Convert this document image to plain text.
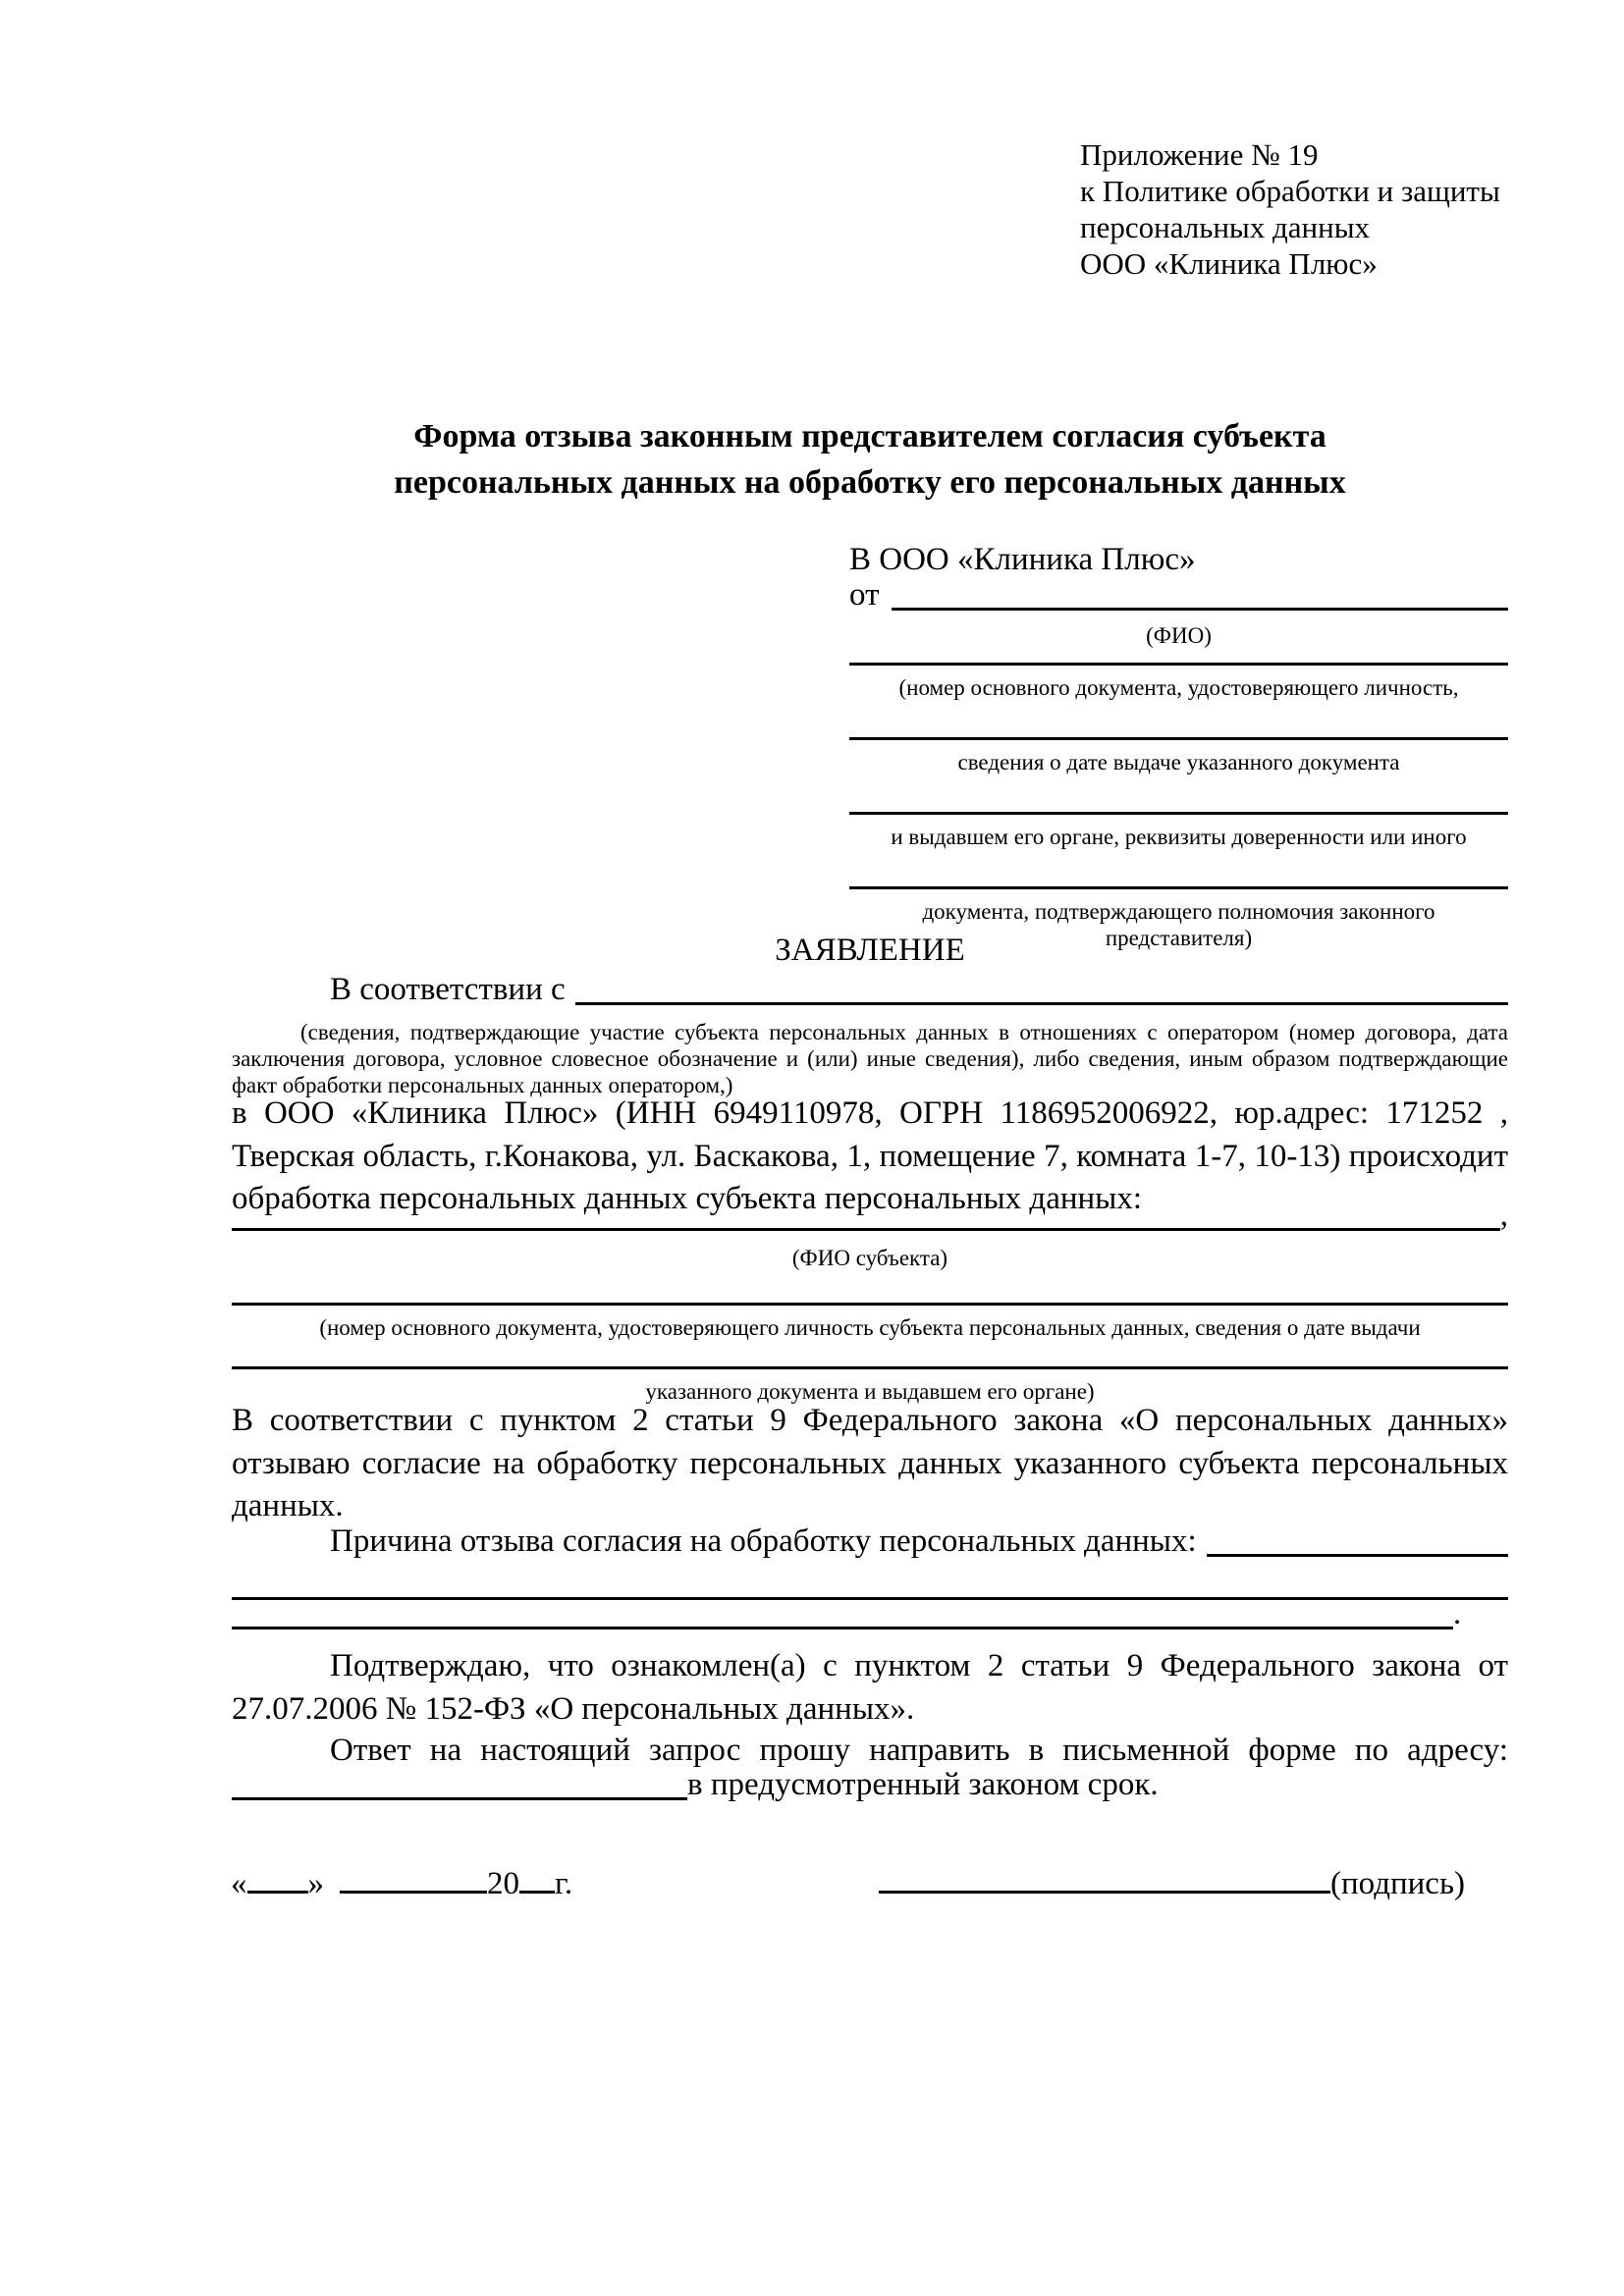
Приложение № 19
к Политике обработки и защиты
персональных данных
ООО «Клиника Плюс»
Форма отзыва законным представителем согласия субъекта
персональных данных на обработку его персональных данных
В ООО «Клиника Плюс»
от
(ФИО)
(номер основного документа, удостоверяющего личность,
сведения о дате выдаче указанного документа
и выдавшем его органе, реквизиты доверенности или иного
документа, подтверждающего полномочия законного представителя)
ЗАЯВЛЕНИЕ
В соответствии с
(сведения, подтверждающие участие субъекта персональных данных в отношениях с оператором (номер договора, дата заключения договора, условное словесное обозначение и (или) иные сведения), либо сведения, иным образом подтверждающие факт обработки персональных данных оператором,)
в ООО «Клиника Плюс» (ИНН 6949110978, ОГРН 1186952006922, юр.адрес: 171252 , Тверская область, г.Конакова, ул. Баскакова, 1, помещение 7, комната 1-7, 10-13) происходит обработка персональных данных субъекта персональных данных:	,
(ФИО субъекта)
(номер основного документа, удостоверяющего личность субъекта персональных данных, сведения о дате выдачи
указанного документа и выдавшем его органе)
В соответствии с пунктом 2 статьи 9 Федерального закона «О персональных данных» отзываю согласие на обработку персональных данных указанного субъекта персональных данных.
Причина отзыва согласия на обработку персональных данных:
.
Подтверждаю, что ознакомлен(а) с пунктом 2 статьи 9 Федерального закона от 27.07.2006 № 152-ФЗ «О персональных данных».
Ответ на настоящий запрос прошу направить в письменной форме по адресу:
в предусмотренный законом срок.
« »	20 г.	(подпись)
